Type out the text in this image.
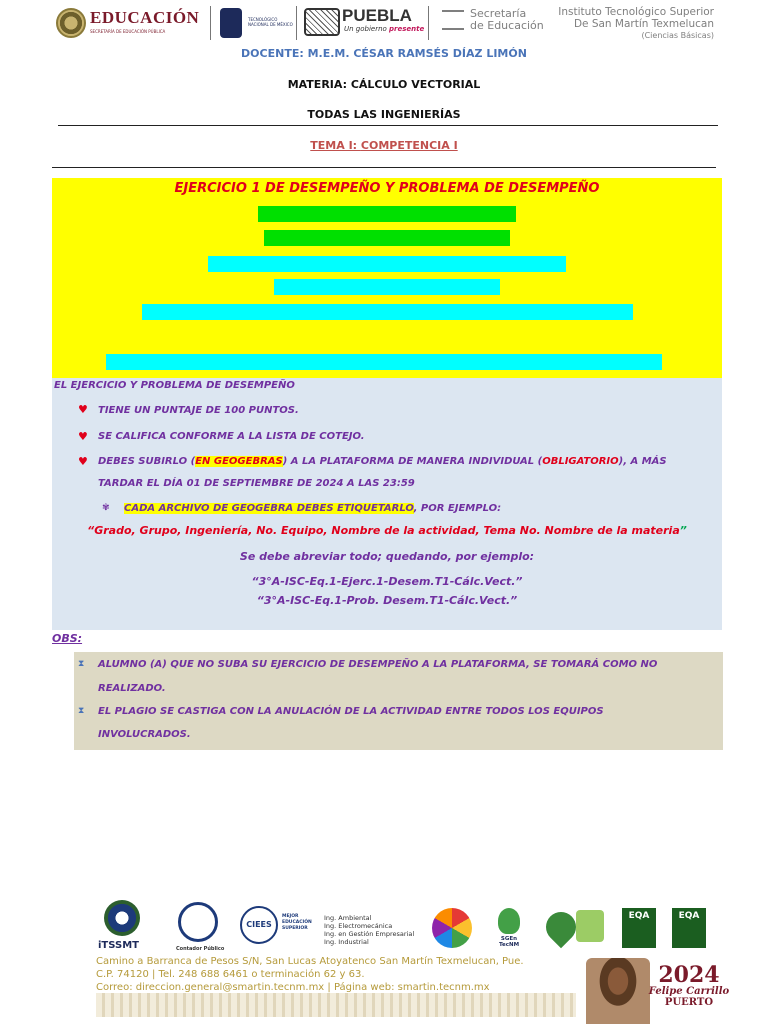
EDUCACIÓN
SECRETARÍA DE EDUCACIÓN PÚBLICA
TECNOLÓGICO
NACIONAL DE MÉXICO	PUEBLA
Un gobierno presente
Secretaría
de Educación
Instituto Tecnológico Superior
De San Martín Texmelucan
(Ciencias Básicas)
DOCENTE: M.E.M. CÉSAR RAMSÉS DÍAZ LIMÓN
MATERIA: CÁLCULO VECTORIAL
TODAS LAS INGENIERÍAS
TEMA I: COMPETENCIA I
EJERCICIO 1 DE DESEMPEÑO Y PROBLEMA DE DESEMPEÑO
EL EJERCICIO Y PROBLEMA DE DESEMPEÑO
♥ TIENE UN PUNTAJE DE 100 PUNTOS.
♥ SE CALIFICA CONFORME A LA LISTA DE COTEJO.
♥ DEBES SUBIRLO (EN GEOGEBRAS) A LA PLATAFORMA DE MANERA INDIVIDUAL (OBLIGATORIO), A MÁS
TARDAR EL DÍA 01 DE SEPTIEMBRE DE 2024 A LAS 23:59
✾ CADA ARCHIVO DE GEOGEBRA DEBES ETIQUETARLO, POR EJEMPLO:
“Grado, Grupo, Ingeniería, No. Equipo, Nombre de la actividad, Tema No. Nombre de la materia”
Se debe abreviar todo; quedando, por ejemplo:
“3°A-ISC-Eq.1-Ejerc.1-Desem.T1-Cálc.Vect.”
“3°A-ISC-Eq.1-Prob. Desem.T1-Cálc.Vect.”
OBS:
⧗ ALUMNO (A) QUE NO SUBA SU EJERCICIO DE DESEMPEÑO A LA PLATAFORMA, SE TOMARÁ COMO NO
REALIZADO.
⧗ EL PLAGIO SE CASTIGA CON LA ANULACIÓN DE LA ACTIVIDAD ENTRE TODOS LOS EQUIPOS
INVOLUCRADOS.
iTSSMT	Contador Público
CIEES
MEJOR
EDUCACIÓN
SUPERIOR
Ing. Ambiental
Ing. Electromecánica
Ing. en Gestión Empresarial
Ing. Industrial	SGEn TecNM
EQA	EQA
Camino a Barranca de Pesos S/N, San Lucas Atoyatenco San Martín Texmelucan, Pue.
C.P. 74120 | Tel. 248 688 6461 o terminación 62 y 63.
Correo: direccion.general@smartin.tecnm.mx | Página web: smartin.tecnm.mx	2024
Felipe Carrillo
PUERTO
